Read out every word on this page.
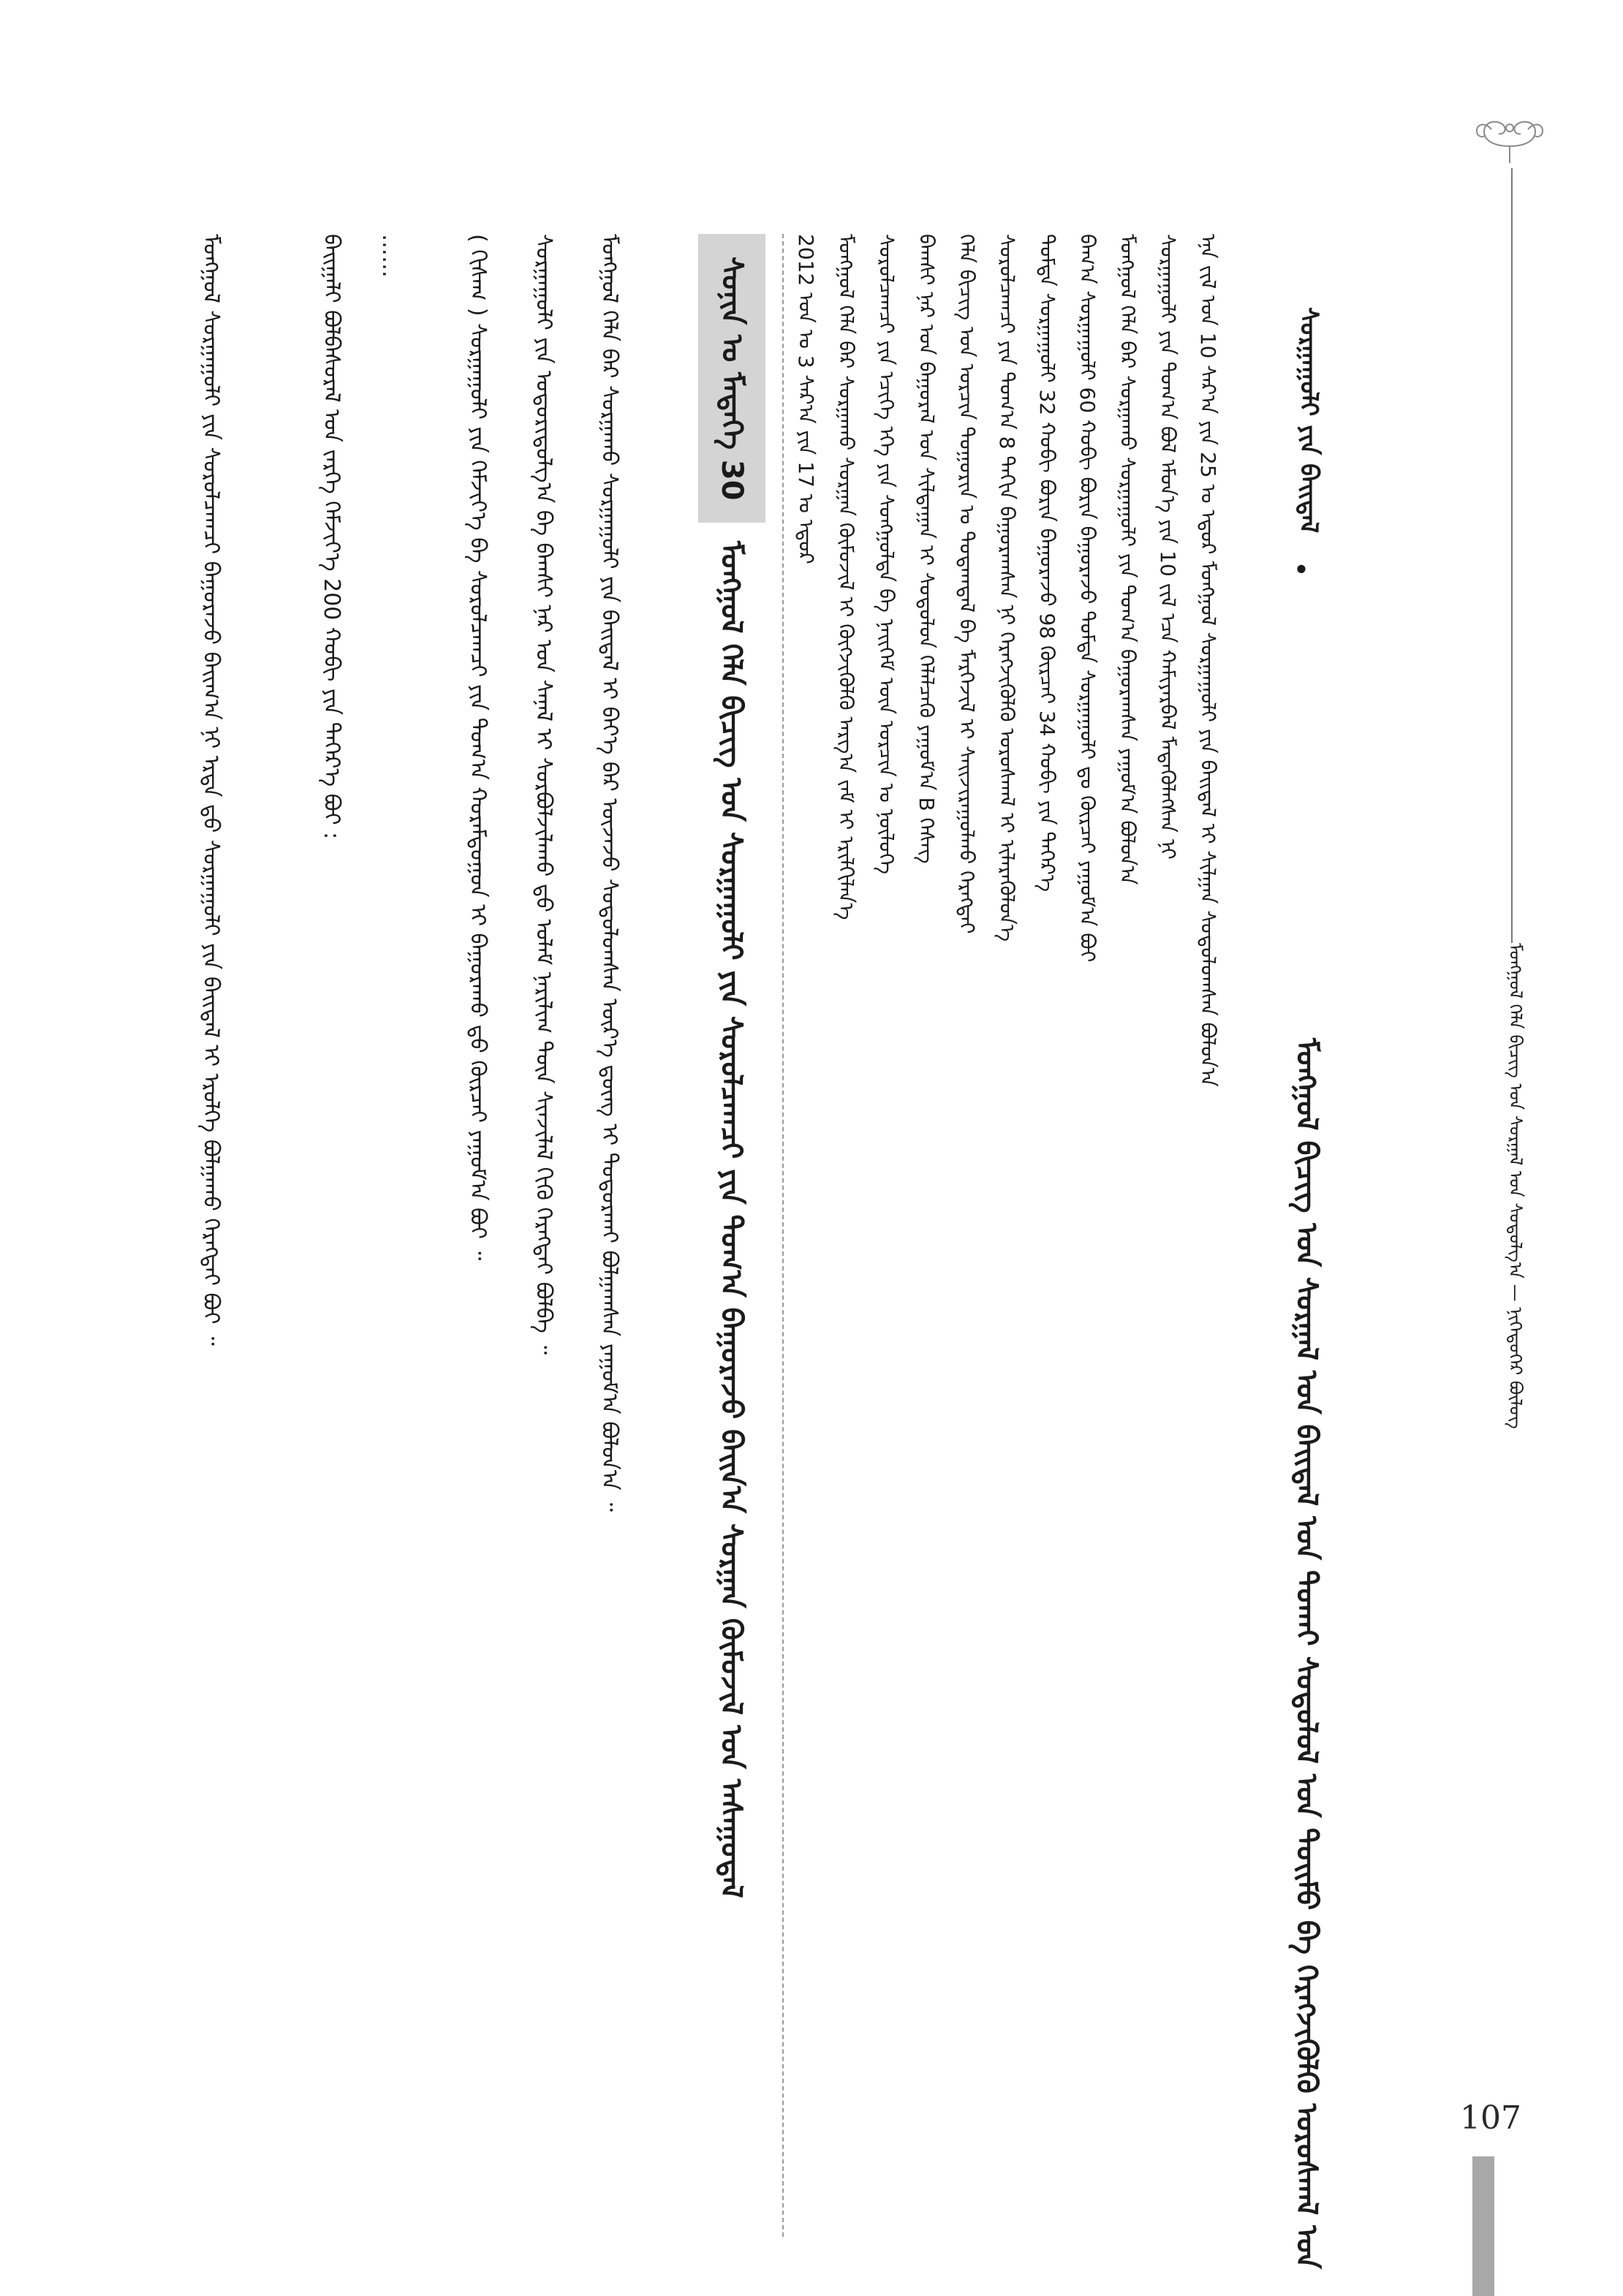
ᠮᠣᠩᠭᠣᠯ ᠬᠡᠯᠡ ᠪᠢᠴᠢᠭ᠌ ᠤᠨ ᠰᠤᠷᠭᠠᠯ ᠤᠨ ᠰᠤᠳᠤᠯᠭ᠎ᠠ — ᠨᠢᠭᠡᠳᠦᠭᠡᠷ ᠪᠦᠯᠦᠭ
ᠮᠣᠩᠭᠣᠯ ᠪᠢᠴᠢᠭ᠌ ᠤᠨ ᠰᠤᠷᠭᠠᠯ ᠤᠨ ᠪᠠᠢᠳᠠᠯ ᠤᠨ ᠲᠤᠬᠠᠢ ᠰᠤᠳᠤᠯᠤᠯ ᠤᠨ ᠲᠣᠢᠮᠣ ᠪᠠ ᠬᠡᠷᠡᠭᠵᠢᠭᠦᠯᠬᠦ ᠤᠷᠤᠰᠬᠠᠯ ᠤᠨ
•
ᠰᠤᠷᠭᠠᠭᠤᠯᠢ ᠶᠢᠨ ᠪᠠᠢᠳᠠᠯ
ᠡᠨᠡ ᠵᠢᠯ ᠤᠨ 10 ᠰᠠᠷ᠎ᠠ ᠶᠢᠨ 25 ᠤ ᠡᠳᠦᠷ ᠮᠣᠩᠭᠣᠯ ᠰᠤᠷᠭᠠᠭᠤᠯᠢ ᠶᠢᠨ ᠪᠠᠢᠳᠠᠯ ᠢ ᠰᠢᠯᠭᠠᠨ ᠰᠤᠳᠤᠯᠤᠭᠰᠠᠨ ᠪᠣᠯᠤᠨ᠎ᠠ
ᠰᠤᠷᠭᠠᠭᠤᠯᠢ ᠶᠢᠨ ᠲᠣᠭ᠎ᠠ ᠪᠣᠯ ᠡᠮᠦᠨ᠎ᠡ ᠶᠢᠨ 10 ᠵᠢᠯ ᠡᠴᠡ ᠬᠠᠮᠢᠶᠠᠷᠪᠠᠯ ᠮᠡᠳᠡᠭᠦᠯᠡᠭᠰᠡᠨ ᠨᠢ
ᠮᠣᠩᠭᠣᠯ ᠬᠡᠯᠡ ᠪᠡᠷ ᠰᠤᠷᠭᠠᠬᠤ ᠰᠤᠷᠭᠠᠭᠤᠯᠢ ᠶᠢᠨ ᠲᠣᠭ᠎ᠠ ᠪᠠᠭᠤᠷᠠᠭᠰᠠᠨ ᠶᠠᠭᠤᠮ᠎ᠠ ᠪᠣᠯᠤᠨ᠎ᠠ
ᠪᠠᠭ᠎ᠠ ᠰᠤᠷᠭᠠᠭᠤᠯᠢ 60 ᠬᠤᠪᠢ ᠪᠤᠷᠢᠨ ᠪᠠᠭᠤᠷᠠᠵᠤ ᠳᠤᠮᠳᠠ ᠰᠤᠷᠭᠠᠭᠤᠯᠢ ᠳᠤ ᠬᠦᠷᠴᠡᠢ ᠶᠠᠭᠤᠮ᠎ᠠ ᠪᠤᠢ
ᠳᠤᠮᠳᠠ ᠰᠤᠷᠭᠠᠭᠤᠯᠢ 32 ᠬᠤᠪᠢ ᠪᠤᠷᠢᠨ ᠪᠠᠭᠤᠷᠠᠵᠤ 98 ᠬᠦᠷᠴᠡᠢ 34 ᠬᠤᠪᠢ ᠶᠢᠨ ᠳᠡᠭᠡᠷ᠎ᠡ
ᠰᠤᠷᠤᠯᠴᠠᠭᠴᠢ ᠶᠢᠨ ᠲᠣᠭ᠎ᠠ 8 ᠳᠠᠬᠢᠨ ᠪᠠᠭᠤᠷᠠᠭᠰᠠᠨ ᠨᠢ ᠬᠡᠷᠡᠭᠵᠢᠭᠦᠯᠬᠦ ᠤᠷᠤᠰᠬᠠᠯ ᠢ ᠢᠯᠡᠷᠡᠭᠦᠯᠦᠨ᠎ᠡ
ᠬᠡᠯᠡ ᠪᠢᠴᠢᠭ᠌ ᠤᠨ ᠣᠷᠴᠢᠨ ᠲᠣᠭᠣᠷᠢᠨ ᠤ ᠳᠤᠲᠠᠭᠳᠠᠯ ᠪᠠ ᠮᠡᠷᠭᠡᠵᠢᠯ ᠢ ᠰᠠᠢᠵᠢᠷᠠᠭᠤᠯᠬᠤ ᠬᠡᠷᠡᠭᠲᠡᠢ
ᠪᠠᠭᠰᠢ ᠨᠠᠷ ᠤᠨ ᠪᠠᠭᠤᠷᠠᠯ ᠤᠨ ᠰᠢᠯᠲᠠᠭᠠᠨ ᠢ ᠰᠤᠳᠤᠯᠤᠨ ᠬᠡᠯᠡᠯᠴᠡᠬᠦ ᠶᠠᠭᠤᠮ᠎ᠠ B ᠬᠡᠰᠡᠭ
ᠰᠤᠷᠤᠯᠴᠠᠭᠴᠢ ᠶᠢᠨ ᠡᠴᠢᠭᠡ ᠡᠬᠡ ᠶᠢᠨ ᠰᠣᠩᠭᠣᠯᠲᠠ ᠪᠠ ᠨᠡᠢᠭᠡᠮ ᠦᠨ ᠣᠷᠴᠢᠨ ᠤ ᠨᠥᠯᠦᠭᠡ
ᠮᠣᠩᠭᠣᠯ ᠬᠡᠯᠡ ᠪᠡᠷ ᠰᠤᠷᠭᠠᠬᠤ ᠰᠤᠷᠭᠠᠨ ᠬᠦᠮᠦᠵᠢᠯ ᠢ ᠬᠥᠭᠵᠢᠭᠦᠯᠬᠦ ᠠᠷᠭ᠎ᠠ ᠵᠠᠮ ᠢ ᠡᠷᠢᠯᠬᠢᠯᠡᠨ᠎ᠡ
2012 ᠣᠨ ᠤ 3 ᠰᠠᠷ᠎ᠠ ᠶᠢᠨ 17 ᠤ ᠡᠳᠦᠷ
ᠰᠣᠨᠢᠨ ᠤ ᠮᠡᠳᠡᠭᠡ 30
ᠮᠣᠩᠭᠣᠯ ᠬᠡᠯᠡ ᠪᠢᠴᠢᠭ᠌ ᠤᠨ ᠰᠤᠷᠭᠠᠭᠤᠯᠢ ᠶᠢᠨ ᠰᠤᠷᠤᠯᠴᠠᠭᠴᠢ ᠶᠢᠨ ᠲᠣᠭ᠎ᠠ ᠪᠠᠭᠤᠷᠠᠵᠤ ᠪᠠᠢᠨ᠎ᠠ ᠰᠤᠷᠭᠠᠨ ᠬᠦᠮᠦᠵᠢᠯ ᠤᠨ ᠠᠰᠠᠭᠤᠳᠠᠯ
ᠮᠣᠩᠭᠣᠯ ᠬᠡᠯᠡ ᠪᠡᠷ ᠰᠤᠷᠭᠠᠬᠤ ᠰᠤᠷᠭᠠᠭᠤᠯᠢ ᠶᠢᠨ ᠪᠠᠢᠳᠠᠯ ᠢ ᠪᠡᠶ᠎ᠡ ᠪᠡᠷ ᠦᠵᠡᠵᠦ ᠰᠤᠳᠤᠯᠤᠭᠰᠠᠨ ᠦᠷ᠎ᠡ ᠳ᠋ᠦᠩ ᠢ ᠲᠣᠳᠤᠷᠬᠠᠢ ᠪᠣᠯᠭᠠᠭᠰᠠᠨ ᠶᠠᠭᠤᠮ᠎ᠠ ᠪᠣᠯᠤᠨ᠎ᠠ ᠃
ᠰᠤᠷᠭᠠᠭᠤᠯᠢ ᠶᠢᠨ ᠤᠳᠤᠷᠢᠳᠤᠯᠭ᠎ᠠ ᠪᠠ ᠪᠠᠭᠰᠢ ᠨᠠᠷ ᠤᠨ ᠰᠠᠨᠠᠯ ᠢ ᠰᠤᠷᠪᠤᠯᠵᠢᠯᠠᠬᠤ ᠳ᠋ᠤ ᠤᠯᠠᠮ ᠨᠠᠷᠢᠯᠢᠭ ᠳᠦᠨ ᠰᠢᠨᠵᠢᠯᠡᠯ ᠬᠢᠬᠦ ᠬᠡᠷᠡᠭᠲᠡᠢ ᠪᠣᠯᠪᠠ ᠃
( ᠬᠢᠰᠠᠭ ) ᠰᠤᠷᠭᠠᠭᠤᠯᠢ ᠶᠢᠨ ᠬᠡᠮᠵᠢᠶ᠎ᠡ ᠪᠠ ᠰᠤᠷᠤᠯᠴᠠᠭᠴᠢ ᠶᠢᠨ ᠲᠣᠭ᠎ᠠ ᠬᠤᠷᠠᠮᠳᠤᠭᠤᠨ ᠢ ᠪᠠᠭᠤᠷᠠᠬᠤ ᠳ᠋ᠤ ᠬᠦᠷᠴᠡᠢ ᠶᠠᠭᠤᠮ᠎ᠠ ᠪᠤᠢ ᠃
ᠪᠠᠢᠭᠠᠯᠢ ᠪᠣᠯᠪᠠᠰᠤᠷᠠᠯ ᠤᠨ ᠵᠡᠷᠭᠡ ᠬᠡᠮᠵᠢᠶ᠎ᠡ 200 ᠬᠤᠪᠢ ᠶᠢᠨ ᠳᠡᠭᠡᠷ᠎ᠡ ᠪᠤᠢ : ……
ᠮᠣᠩᠭᠣᠯ ᠰᠤᠷᠭᠠᠭᠤᠯᠢ ᠶᠢᠨ ᠰᠤᠷᠤᠯᠴᠠᠭᠴᠢ ᠪᠠᠭᠤᠷᠠᠵᠤ ᠪᠠᠢᠭ᠎ᠠ ᠨᠢ ᠡᠷᠲᠡ ᠳ᠋ᠦ ᠰᠤᠷᠭᠠᠭᠤᠯᠢ ᠶᠢᠨ ᠪᠠᠢᠳᠠᠯ ᠢ ᠡᠷᠦᠯᠬᠡ ᠪᠣᠯᠭᠠᠬᠤ ᠬᠡᠷᠡᠭᠲᠡᠢ ᠪᠤᠢ ᠃
107
